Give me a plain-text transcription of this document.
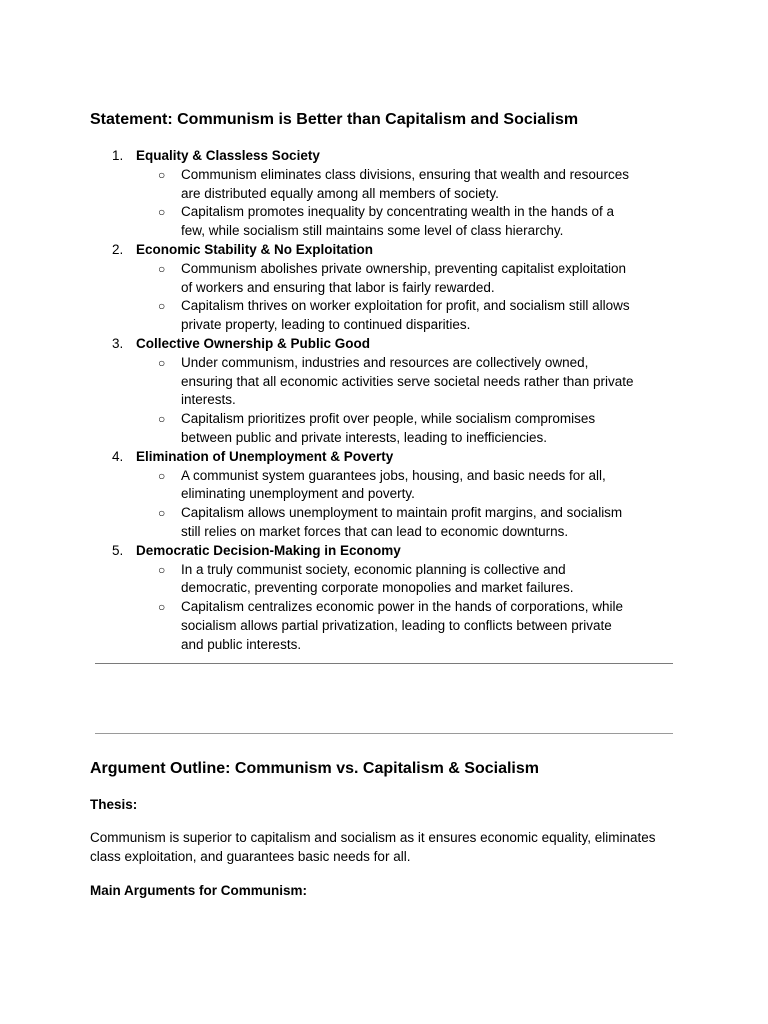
Statement: Communism is Better than Capitalism and Socialism
1. Equality & Classless Society
○ Communism eliminates class divisions, ensuring that wealth and resources are distributed equally among all members of society.
○ Capitalism promotes inequality by concentrating wealth in the hands of a few, while socialism still maintains some level of class hierarchy.
2. Economic Stability & No Exploitation
○ Communism abolishes private ownership, preventing capitalist exploitation of workers and ensuring that labor is fairly rewarded.
○ Capitalism thrives on worker exploitation for profit, and socialism still allows private property, leading to continued disparities.
3. Collective Ownership & Public Good
○ Under communism, industries and resources are collectively owned, ensuring that all economic activities serve societal needs rather than private interests.
○ Capitalism prioritizes profit over people, while socialism compromises between public and private interests, leading to inefficiencies.
4. Elimination of Unemployment & Poverty
○ A communist system guarantees jobs, housing, and basic needs for all, eliminating unemployment and poverty.
○ Capitalism allows unemployment to maintain profit margins, and socialism still relies on market forces that can lead to economic downturns.
5. Democratic Decision-Making in Economy
○ In a truly communist society, economic planning is collective and democratic, preventing corporate monopolies and market failures.
○ Capitalism centralizes economic power in the hands of corporations, while socialism allows partial privatization, leading to conflicts between private and public interests.
Argument Outline: Communism vs. Capitalism & Socialism

Thesis:

Communism is superior to capitalism and socialism as it ensures economic equality, eliminates class exploitation, and guarantees basic needs for all.

Main Arguments for Communism:
